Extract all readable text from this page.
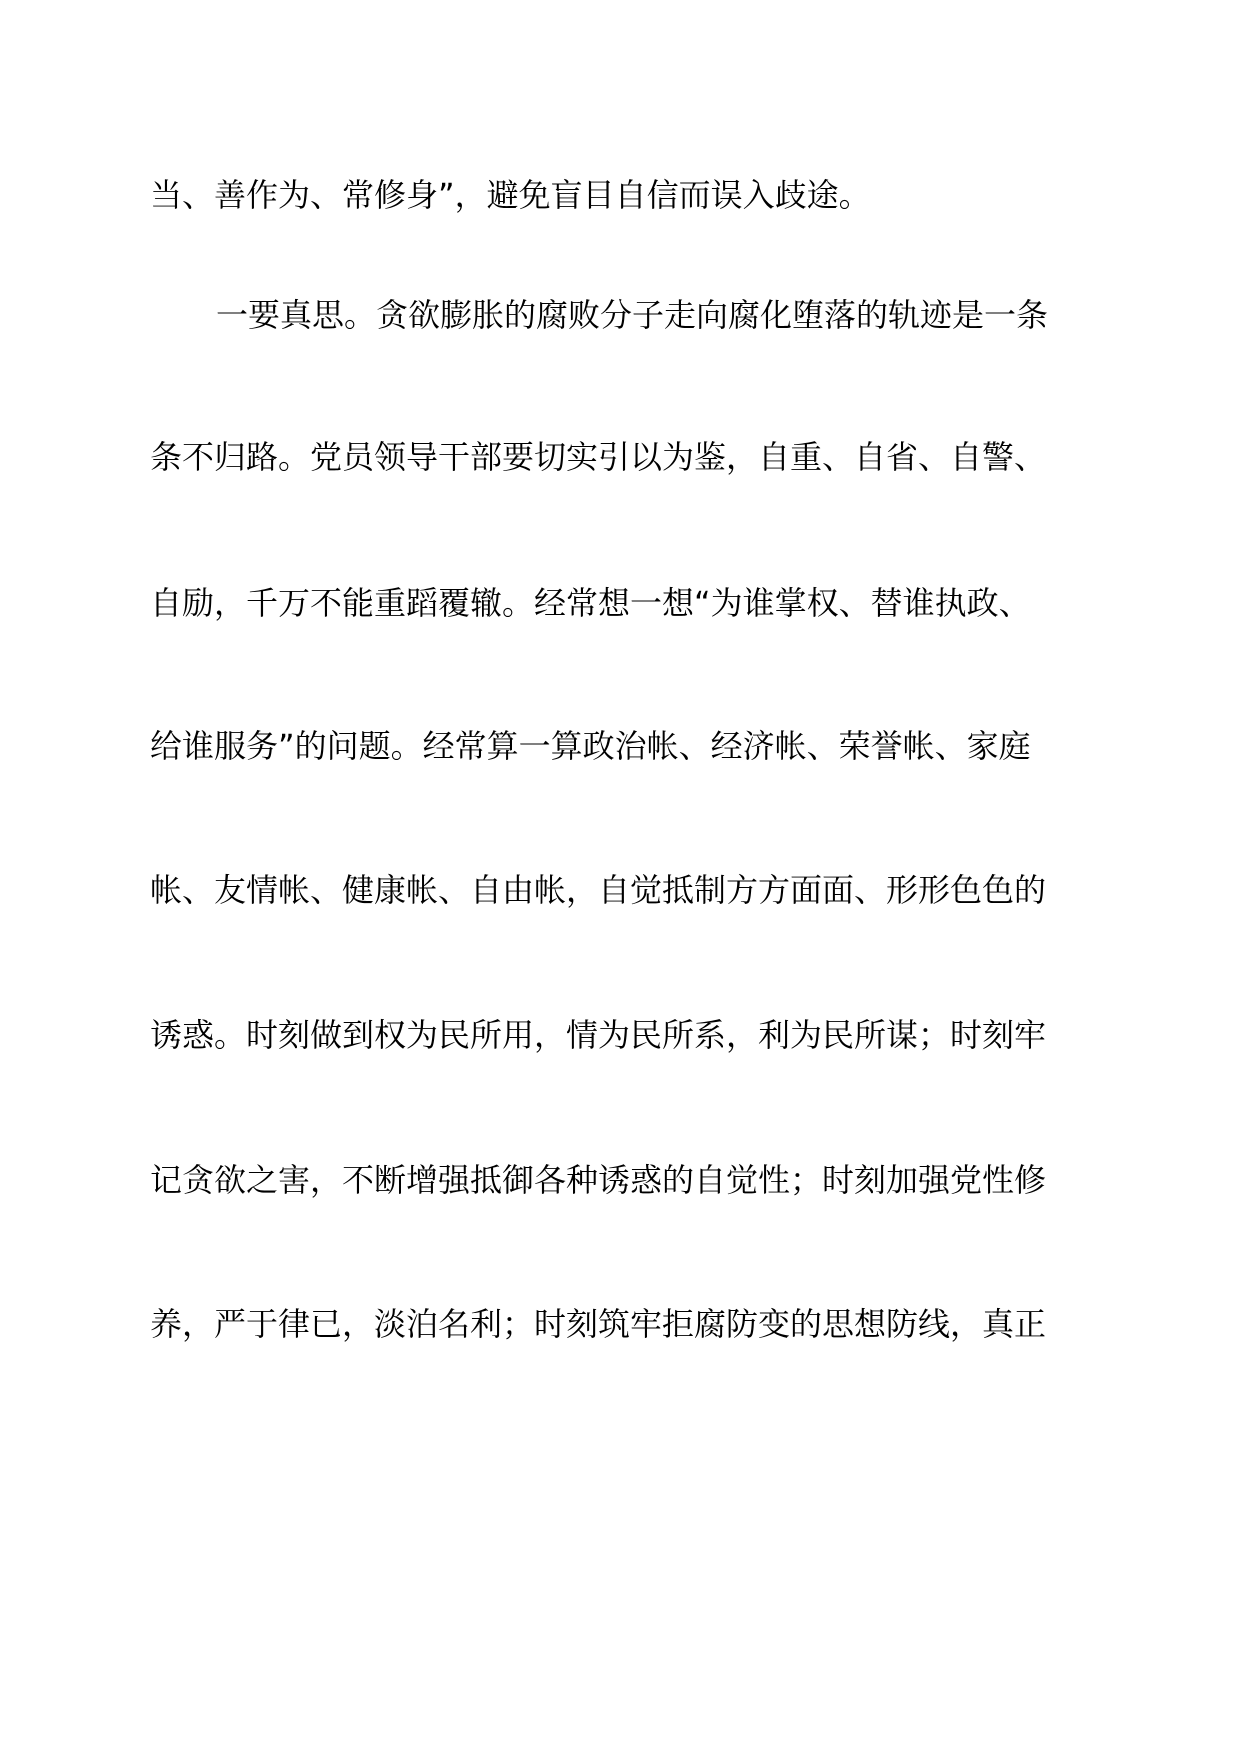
当、善作为、常修身”，避免盲目自信而误入歧途。
一要真思。贪欲膨胀的腐败分子走向腐化堕落的轨迹是一条
条不归路。党员领导干部要切实引以为鉴，自重、自省、自警、
自励，千万不能重蹈覆辙。经常想一想“为谁掌权、替谁执政、
给谁服务”的问题。经常算一算政治帐、经济帐、荣誉帐、家庭
帐、友情帐、健康帐、自由帐，自觉抵制方方面面、形形色色的
诱惑。时刻做到权为民所用，情为民所系，利为民所谋；时刻牢
记贪欲之害，不断增强抵御各种诱惑的自觉性；时刻加强党性修
养，严于律已，淡泊名利；时刻筑牢拒腐防变的思想防线，真正
